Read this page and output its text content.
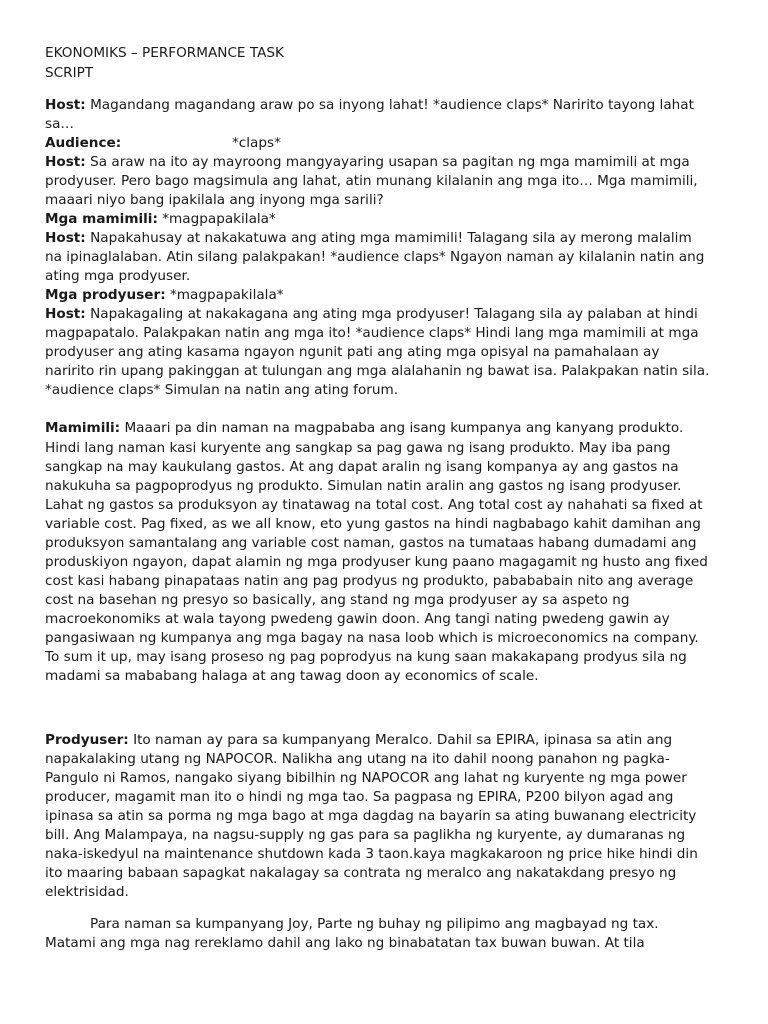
EKONOMIKS – PERFORMANCE TASK
SCRIPT
Host: Magandang magandang araw po sa inyong lahat! *audience claps* Naririto tayong lahat
sa…
Audience:	*claps*
Host: Sa araw na ito ay mayroong mangyayaring usapan sa pagitan ng mga mamimili at mga
prodyuser. Pero bago magsimula ang lahat, atin munang kilalanin ang mga ito… Mga mamimili,
maaari niyo bang ipakilala ang inyong mga sarili?
Mga mamimili: *magpapakilala*
Host: Napakahusay at nakakatuwa ang ating mga mamimili! Talagang sila ay merong malalim
na ipinaglalaban. Atin silang palakpakan! *audience claps* Ngayon naman ay kilalanin natin ang
ating mga prodyuser.
Mga prodyuser: *magpapakilala*
Host: Napakagaling at nakakagana ang ating mga prodyuser! Talagang sila ay palaban at hindi
magpapatalo. Palakpakan natin ang mga ito! *audience claps* Hindi lang mga mamimili at mga
prodyuser ang ating kasama ngayon ngunit pati ang ating mga opisyal na pamahalaan ay
naririto rin upang pakinggan at tulungan ang mga alalahanin ng bawat isa. Palakpakan natin sila.
*audience claps* Simulan na natin ang ating forum.
Mamimili: Maaari pa din naman na magpababa ang isang kumpanya ang kanyang produkto.
Hindi lang naman kasi kuryente ang sangkap sa pag gawa ng isang produkto. May iba pang
sangkap na may kaukulang gastos. At ang dapat aralin ng isang kompanya ay ang gastos na
nakukuha sa pagpoprodyus ng produkto. Simulan natin aralin ang gastos ng isang prodyuser.
Lahat ng gastos sa produksyon ay tinatawag na total cost. Ang total cost ay nahahati sa fixed at
variable cost. Pag fixed, as we all know, eto yung gastos na hindi nagbabago kahit damihan ang
produksyon samantalang ang variable cost naman, gastos na tumataas habang dumadami ang
produskiyon ngayon, dapat alamin ng mga prodyuser kung paano magagamit ng husto ang fixed
cost kasi habang pinapataas natin ang pag prodyus ng produkto, pabababain nito ang average
cost na basehan ng presyo so basically, ang stand ng mga prodyuser ay sa aspeto ng
macroekonomiks at wala tayong pwedeng gawin doon. Ang tangi nating pwedeng gawin ay
pangasiwaan ng kumpanya ang mga bagay na nasa loob which is microeconomics na company.
To sum it up, may isang proseso ng pag poprodyus na kung saan makakapang prodyus sila ng
madami sa mababang halaga at ang tawag doon ay economics of scale.
Prodyuser: Ito naman ay para sa kumpanyang Meralco. Dahil sa EPIRA, ipinasa sa atin ang
napakalaking utang ng NAPOCOR. Nalikha ang utang na ito dahil noong panahon ng pagka-
Pangulo ni Ramos, nangako siyang bibilhin ng NAPOCOR ang lahat ng kuryente ng mga power
producer, magamit man ito o hindi ng mga tao. Sa pagpasa ng EPIRA, P200 bilyon agad ang
ipinasa sa atin sa porma ng mga bago at mga dagdag na bayarin sa ating buwanang electricity
bill. Ang Malampaya, na nagsu-supply ng gas para sa paglikha ng kuryente, ay dumaranas ng
naka-iskedyul na maintenance shutdown kada 3 taon.kaya magkakaroon ng price hike hindi din
ito maaring babaan sapagkat nakalagay sa contrata ng meralco ang nakatakdang presyo ng
elektrisidad.
Para naman sa kumpanyang Joy, Parte ng buhay ng pilipimo ang magbayad ng tax.
Matami ang mga nag rereklamo dahil ang lako ng binabatatan tax buwan buwan. At tila
